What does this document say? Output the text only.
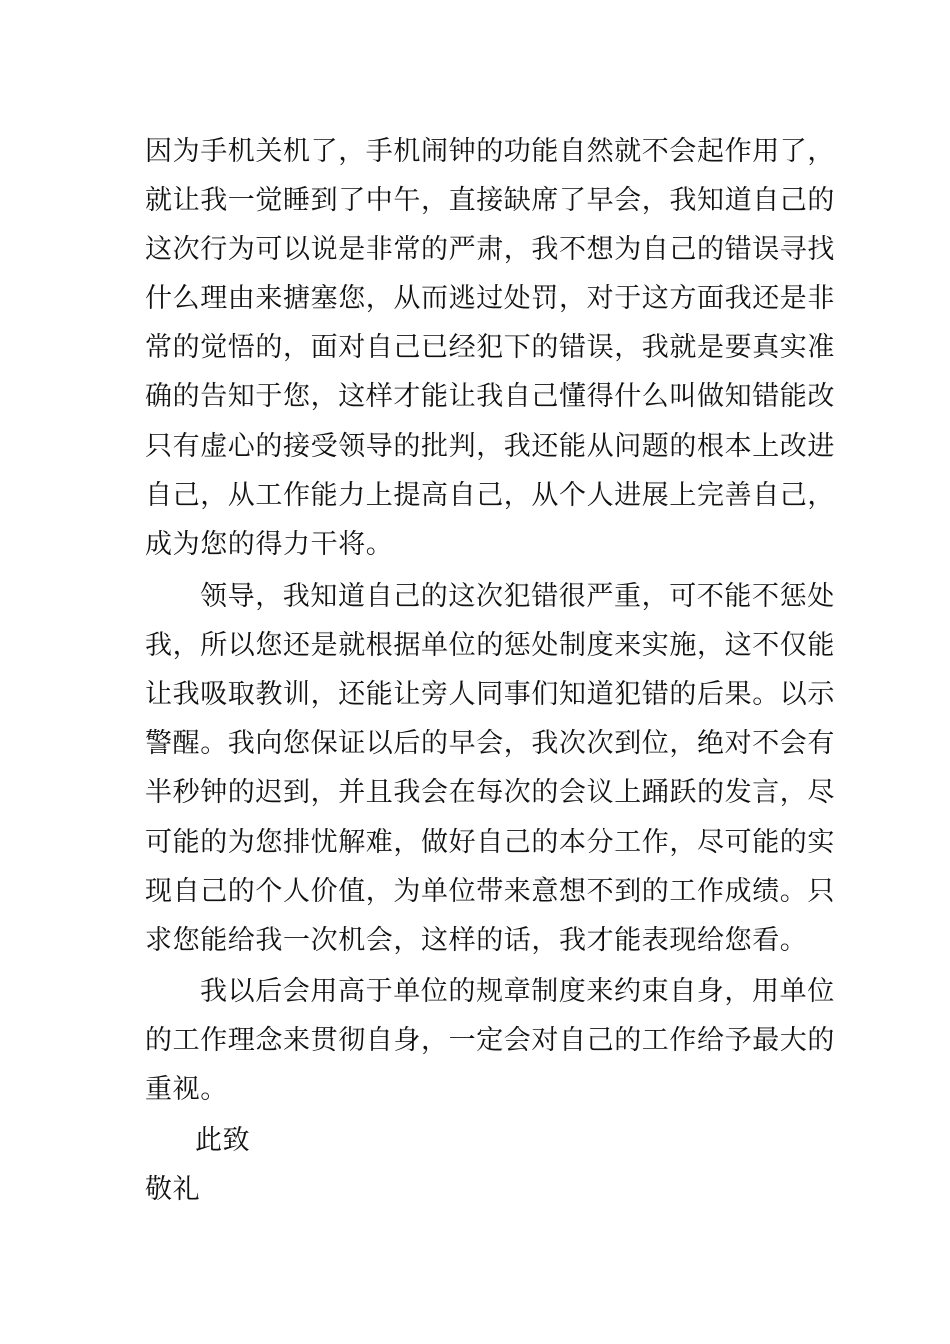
因为手机关机了，手机闹钟的功能自然就不会起作用了，
就让我一觉睡到了中午，直接缺席了早会，我知道自己的
这次行为可以说是非常的严肃，我不想为自己的错误寻找
什么理由来搪塞您，从而逃过处罚，对于这方面我还是非
常的觉悟的，面对自己已经犯下的错误，我就是要真实准
确的告知于您，这样才能让我自己懂得什么叫做知错能改
只有虚心的接受领导的批判，我还能从问题的根本上改进
自己，从工作能力上提高自己，从个人进展上完善自己，
成为您的得力干将。
领导，我知道自己的这次犯错很严重，可不能不惩处
我，所以您还是就根据单位的惩处制度来实施，这不仅能
让我吸取教训，还能让旁人同事们知道犯错的后果。以示
警醒。我向您保证以后的早会，我次次到位，绝对不会有
半秒钟的迟到，并且我会在每次的会议上踊跃的发言，尽
可能的为您排忧解难，做好自己的本分工作，尽可能的实
现自己的个人价值，为单位带来意想不到的工作成绩。只
求您能给我一次机会，这样的话，我才能表现给您看。
我以后会用高于单位的规章制度来约束自身，用单位
的工作理念来贯彻自身，一定会对自己的工作给予最大的
重视。
此致
敬礼
